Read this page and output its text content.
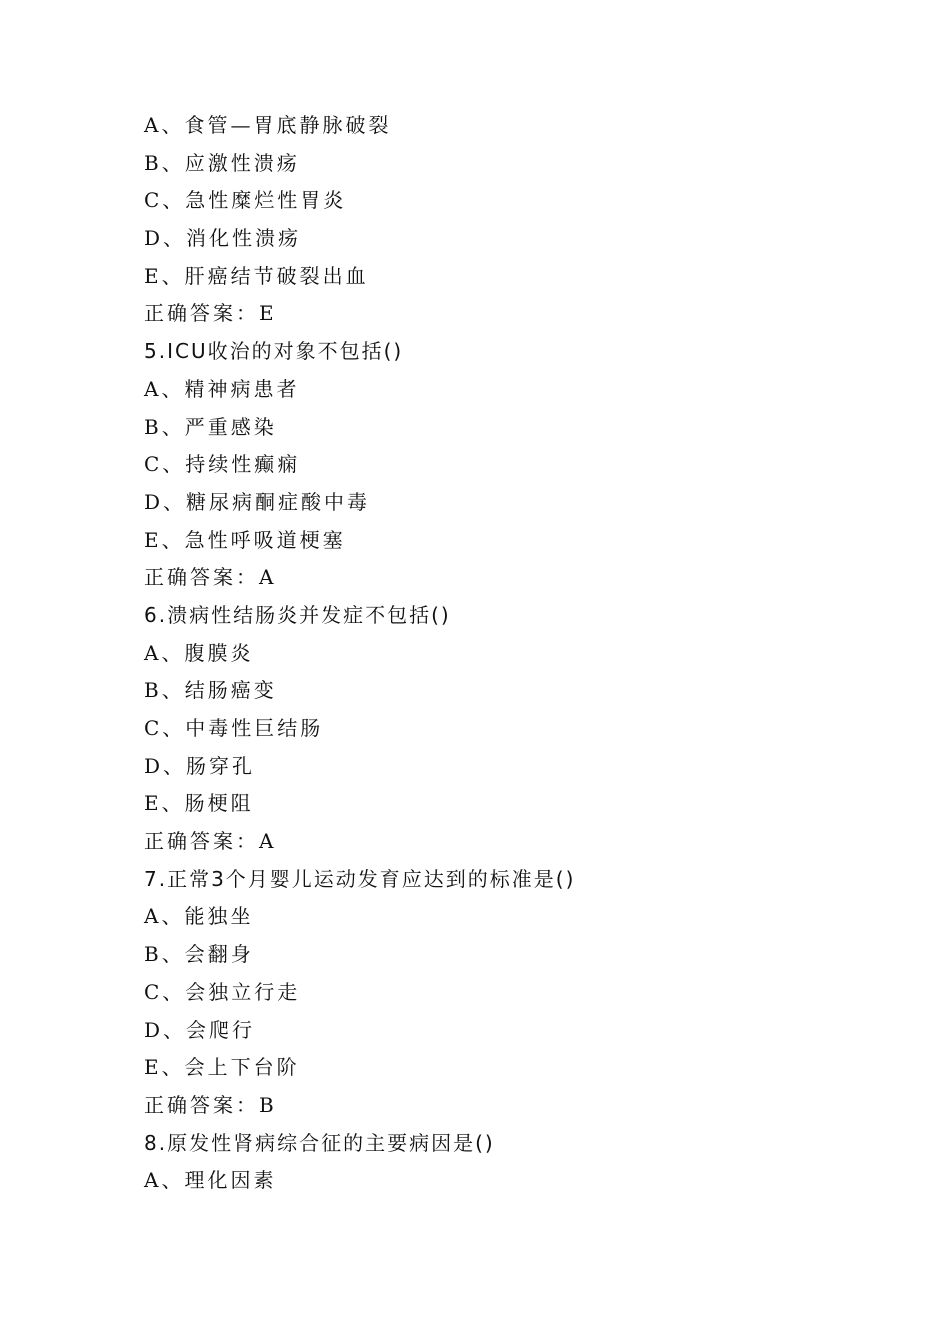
A、食管—胃底静脉破裂
B、应激性溃疡
C、急性糜烂性胃炎
D、消化性溃疡
E、肝癌结节破裂出血
正确答案：E
5.ICU收治的对象不包括()
A、精神病患者
B、严重感染
C、持续性癫痫
D、糖尿病酮症酸中毒
E、急性呼吸道梗塞
正确答案：A
6.溃病性结肠炎并发症不包括()
A、腹膜炎
B、结肠癌变
C、中毒性巨结肠
D、肠穿孔
E、肠梗阻
正确答案：A
7.正常3个月婴儿运动发育应达到的标准是()
A、能独坐
B、会翻身
C、会独立行走
D、会爬行
E、会上下台阶
正确答案：B
8.原发性肾病综合征的主要病因是()
A、理化因素
